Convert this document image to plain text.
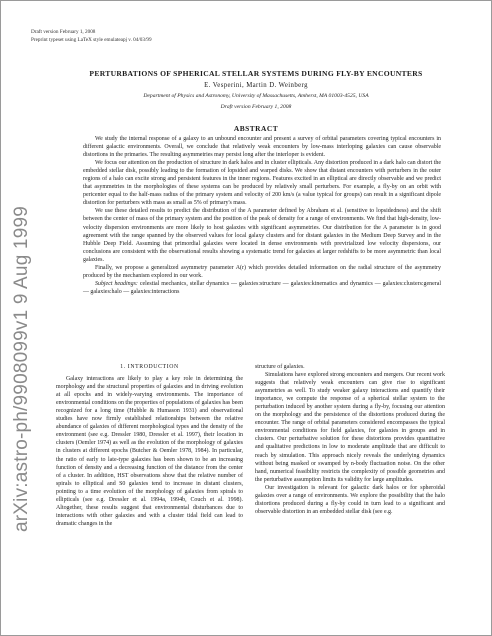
Draft version February 1, 2008
Preprint typeset using LaTeX style emulateapj v. 04/03/99
arXiv:astro-ph/9908099v1 9 Aug 1999
PERTURBATIONS OF SPHERICAL STELLAR SYSTEMS DURING FLY-BY ENCOUNTERS
E. Vesperini, Martin D. Weinberg
Department of Physics and Astronomy, University of Massachusetts, Amherst, MA 01003-4525, USA
Draft version February 1, 2008
ABSTRACT

We study the internal response of a galaxy to an unbound encounter and present a survey of orbital parameters covering typical encounters in different galactic environments. Overall, we conclude that relatively weak encounters by low-mass interloping galaxies can cause observable distortions in the primaries. The resulting asymmetries may persist long after the interloper is evident.

We focus our attention on the production of structure in dark halos and in cluster ellipticals. Any distortion produced in a dark halo can distort the embedded stellar disk, possibly leading to the formation of lopsided and warped disks. We show that distant encounters with perturbers in the outer regions of a halo can excite strong and persistent features in the inner regions. Features excited in an elliptical are directly observable and we predict that asymmetries in the morphologies of these systems can be produced by relatively small perturbers. For example, a fly-by on an orbit with pericenter equal to the half-mass radius of the primary system and velocity of 200 km/s (a value typical for groups) can result in a significant dipole distortion for perturbers with mass as small as 5% of primary's mass.

We use these detailed results to predict the distribution of the A parameter defined by Abraham et al. (sensitive to lopsidedness) and the shift between the center of mass of the primary system and the position of the peak of density for a range of environments. We find that high-density, low-velocity dispersion environments are more likely to host galaxies with significant asymmetries. Our distribution for the A parameter is in good agreement with the range spanned by the observed values for local galaxy clusters and for distant galaxies in the Medium Deep Survey and in the Hubble Deep Field. Assuming that primordial galaxies were located in dense environments with previrialized low velocity dispersions, our conclusions are consistent with the observational results showing a systematic trend for galaxies at larger redshifts to be more asymmetric than local galaxies.

Finally, we propose a generalized asymmetry parameter A(r) which provides detailed information on the radial structure of the asymmetry produced by the mechanism explored in our work.

Subject headings: celestial mechanics, stellar dynamics — galaxies:structure — galaxies:kinematics and dynamics — galaxies:clusters:general — galaxies:halo — galaxies:interactions

1. INTRODUCTION

Galaxy interactions are likely to play a key role in determining the morphology and the structural properties of galaxies and in driving evolution at all epochs and in widely-varying environments. The importance of environmental conditions on the properties of populations of galaxies has been recognized for a long time (Hubble & Humason 1931) and observational studies have now firmly established relationships between the relative abundance of galaxies of different morphological types and the density of the environment (see e.g. Dressler 1980, Dressler et al. 1997), their location in clusters (Oemler 1974) as well as the evolution of the morphology of galaxies in clusters at different epochs (Butcher & Oemler 1978, 1984). In particular, the ratio of early to late-type galaxies has been shown to be an increasing function of density and a decreasing function of the distance from the center of a cluster. In addition, HST observations show that the relative number of spirals to elliptical and S0 galaxies tend to increase in distant clusters, pointing to a time evolution of the morphology of galaxies from spirals to ellipticals (see e.g. Dressler et al. 1994a, 1994b, Couch et al. 1998). Altogether, these results suggest that environmental disturbances due to interactions with other galaxies and with a cluster tidal field can lead to dramatic changes in the

structure of galaxies.

Simulations have explored strong encounters and mergers. Our recent work suggests that relatively weak encounters can give rise to significant asymmetries as well. To study weaker galaxy interactions and quantify their importance, we compute the response of a spherical stellar system to the perturbation induced by another system during a fly-by, focusing our attention on the morphology and the persistence of the distortions produced during the encounter. The range of orbital parameters considered encompasses the typical environmental conditions for field galaxies, for galaxies in groups and in clusters. Our perturbative solution for these distortions provides quantitative and qualitative predictions in low to moderate amplitude that are difficult to reach by simulation. This approach nicely reveals the underlying dynamics without being masked or swamped by n-body fluctuation noise. On the other hand, numerical feasibility restricts the complexity of possible geometries and the perturbative assumption limits its validity for large amplitudes.

Our investigation is relevant for galactic dark halos or for spheroidal galaxies over a range of environments. We explore the possibility that the halo distortions produced during a fly-by could in turn lead to a significant and observable distortion in an embedded stellar disk (see e.g.
